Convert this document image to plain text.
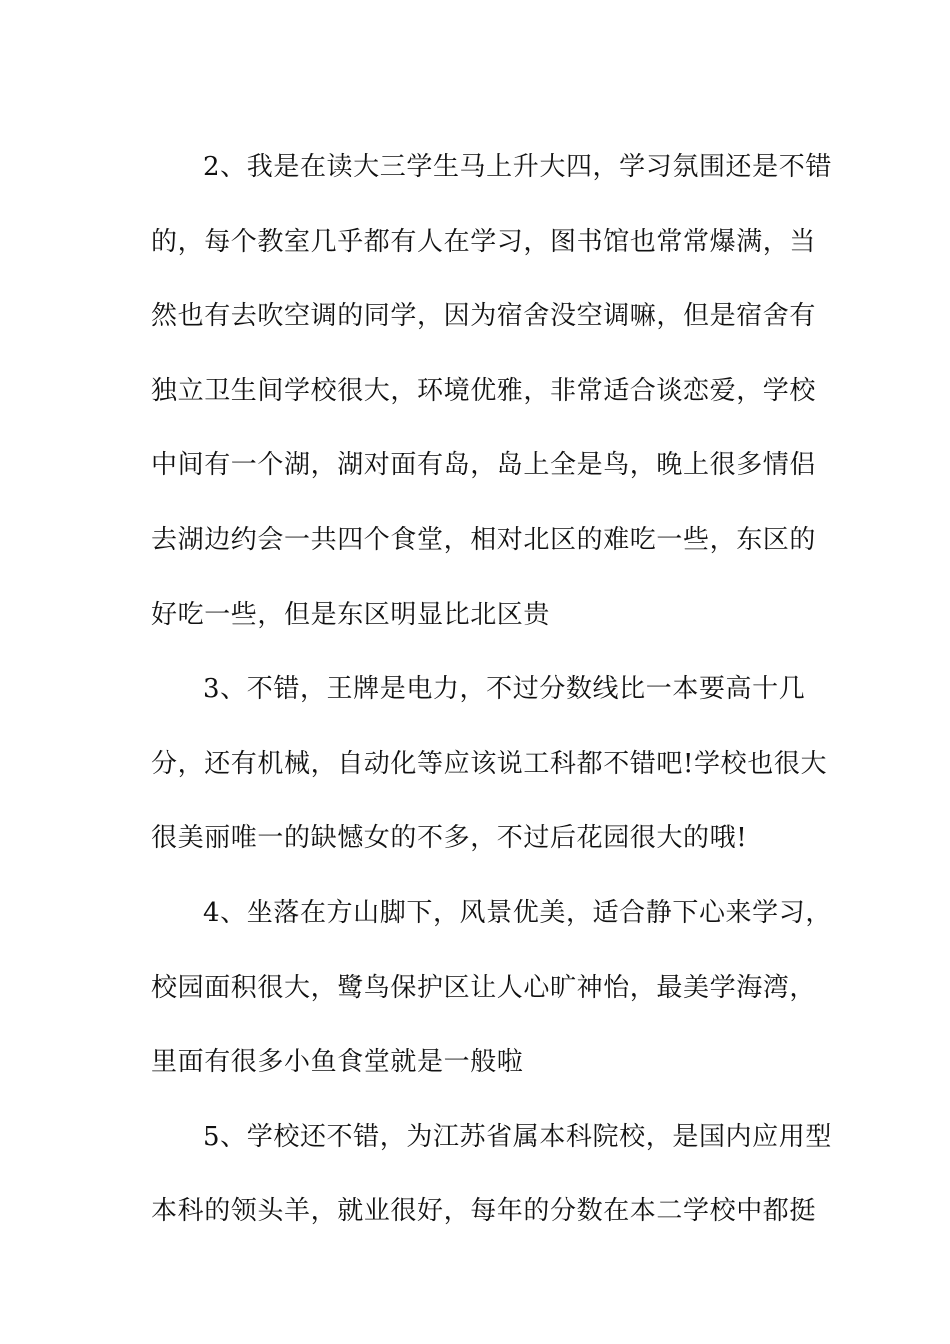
2、我是在读大三学生马上升大四，学习氛围还是不错
的，每个教室几乎都有人在学习，图书馆也常常爆满，当
然也有去吹空调的同学，因为宿舍没空调嘛，但是宿舍有
独立卫生间学校很大，环境优雅，非常适合谈恋爱，学校
中间有一个湖，湖对面有岛，岛上全是鸟，晚上很多情侣
去湖边约会一共四个食堂，相对北区的难吃一些，东区的
好吃一些，但是东区明显比北区贵
3、不错，王牌是电力，不过分数线比一本要高十几
分，还有机械，自动化等应该说工科都不错吧!学校也很大
很美丽唯一的缺憾女的不多，不过后花园很大的哦!
4、坐落在方山脚下，风景优美，适合静下心来学习，
校园面积很大，鹭鸟保护区让人心旷神怡，最美学海湾，
里面有很多小鱼食堂就是一般啦
5、学校还不错，为江苏省属本科院校，是国内应用型
本科的领头羊，就业很好，每年的分数在本二学校中都挺
